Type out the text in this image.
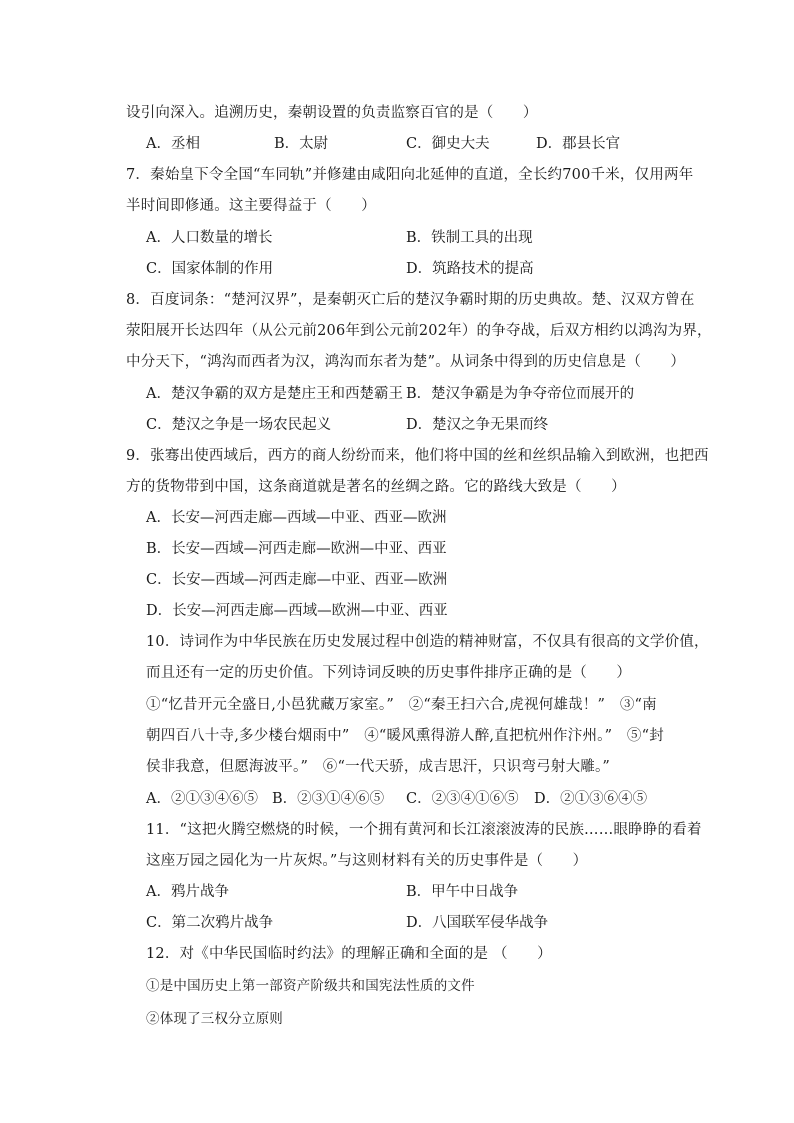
设引向深入。追溯历史，秦朝设置的负责监察百官的是（　　）
A．丞相	B．太尉	C．御史大夫	D．郡县长官
7．秦始皇下令全国“车同轨”并修建由咸阳向北延伸的直道，全长约700千米，仅用两年
半时间即修通。这主要得益于（　　）
A．人口数量的增长	B．铁制工具的出现
C．国家体制的作用	D．筑路技术的提高
8．百度词条：“楚河汉界”，是秦朝灭亡后的楚汉争霸时期的历史典故。楚、汉双方曾在
荥阳展开长达四年（从公元前206年到公元前202年）的争夺战，后双方相约以鸿沟为界，
中分天下，“鸿沟而西者为汉，鸿沟而东者为楚”。从词条中得到的历史信息是（　　）
A．楚汉争霸的双方是楚庄王和西楚霸王 B．楚汉争霸是为争夺帝位而展开的
C．楚汉之争是一场农民起义	D．楚汉之争无果而终
9．张骞出使西域后，西方的商人纷纷而来，他们将中国的丝和丝织品输入到欧洲，也把西
方的货物带到中国，这条商道就是著名的丝绸之路。它的路线大致是（　　）
A．长安—河西走廊—西域—中亚、西亚—欧洲
B．长安—西域—河西走廊—欧洲—中亚、西亚
C．长安—西域—河西走廊—中亚、西亚—欧洲
D．长安—河西走廊—西域—欧洲—中亚、西亚
10．诗词作为中华民族在历史发展过程中创造的精神财富，不仅具有很高的文学价值，
而且还有一定的历史价值。下列诗词反映的历史事件排序正确的是（　　）
①“忆昔开元全盛日,小邑犹藏万家室。”　②“秦王扫六合,虎视何雄哉！”　③“南
朝四百八十寺,多少楼台烟雨中”　④“暖风熏得游人醉,直把杭州作汴州。”　⑤“封
侯非我意，但愿海波平。”　⑥“一代天骄，成吉思汗，只识弯弓射大雕。”
A．②①③④⑥⑤ B．②③①④⑥⑤ C．②③④①⑥⑤ D．②①③⑥④⑤
11．“这把火腾空燃烧的时候，一个拥有黄河和长江滚滚波涛的民族……眼睁睁的看着
这座万园之园化为一片灰烬。”与这则材料有关的历史事件是（　　）
A．鸦片战争	B．甲午中日战争
C．第二次鸦片战争	D．八国联军侵华战争
12．对《中华民国临时约法》的理解正确和全面的是 （　　）
①是中国历史上第一部资产阶级共和国宪法性质的文件
②体现了三权分立原则
